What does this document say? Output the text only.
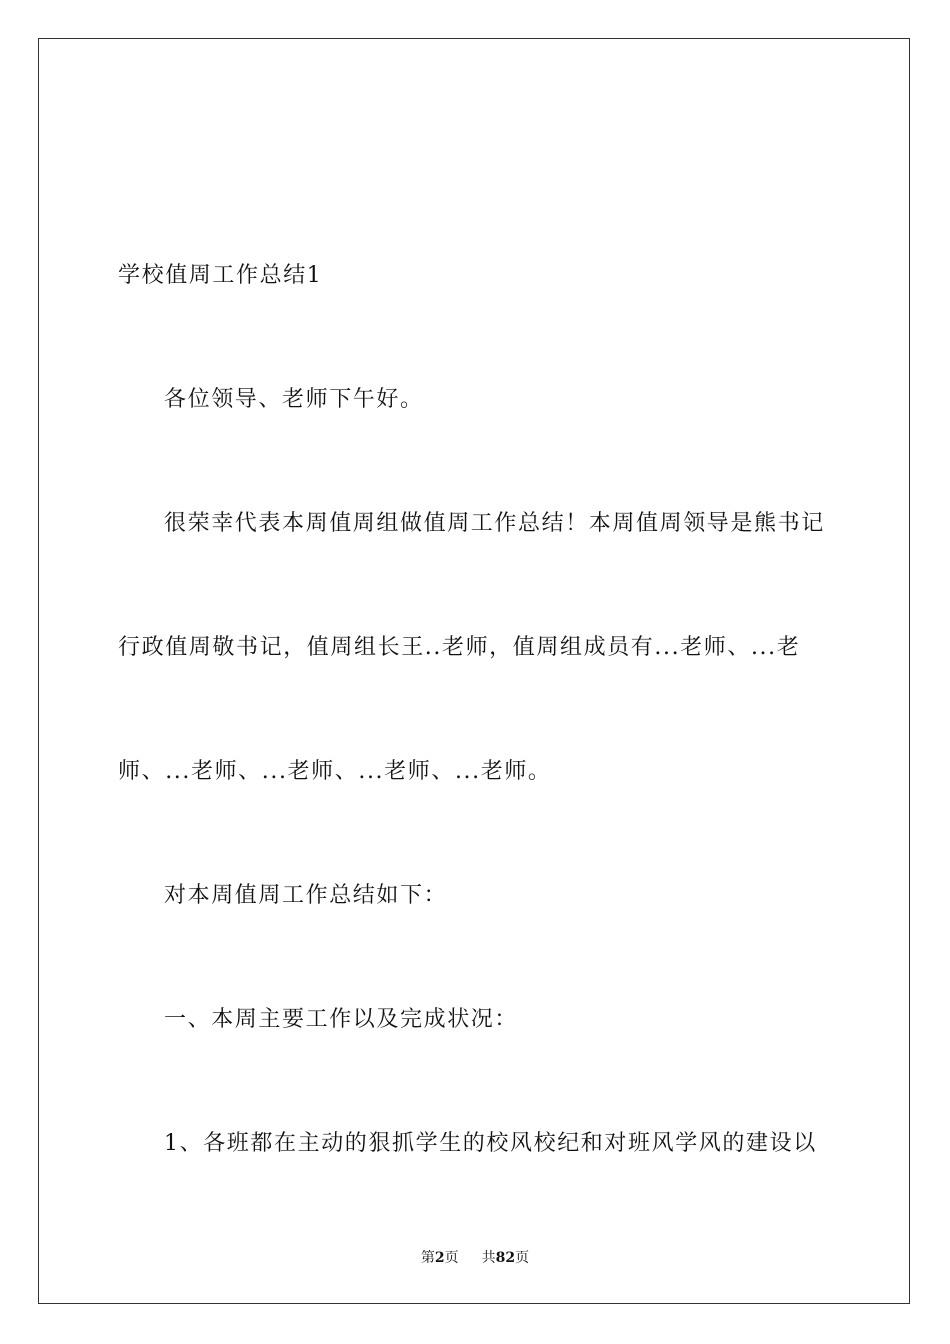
学校值周工作总结1
各位领导、老师下午好。
很荣幸代表本周值周组做值周工作总结！本周值周领导是熊书记
行政值周敬书记，值周组长王..老师，值周组成员有...老师、...老
师、...老师、...老师、...老师、...老师。
对本周值周工作总结如下：
一、本周主要工作以及完成状况：
1、各班都在主动的狠抓学生的校风校纪和对班风学风的建设以
第2页 共82页
